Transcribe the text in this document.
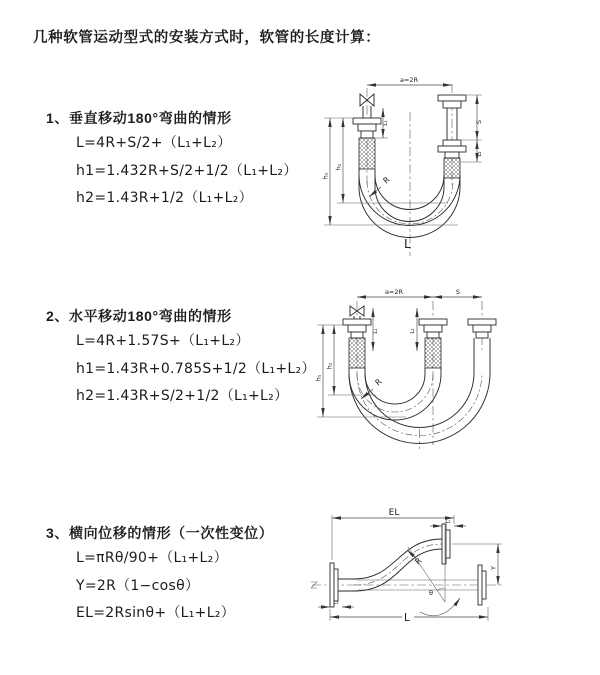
几种软管运动型式的安装方式时，软管的长度计算：
1、垂直移动180°弯曲的情形
L=4R+S/2+（L₁+L₂）
h1=1.432R+S/2+1/2（L₁+L₂）
h2=1.43R+1/2（L₁+L₂）
2、水平移动180°弯曲的情形
L=4R+1.57S+（L₁+L₂）
h1=1.43R+0.785S+1/2（L₁+L₂）
h2=1.43R+S/2+1/2（L₁+L₂）
3、横向位移的情形（一次性变位）
L=πRθ/90+（L₁+L₂）
Y=2R（1−cosθ）
EL=2Rsinθ+（L₁+L₂）
a=2R
h₁
h₂
L₁	S
L₂
R
L
a=2R	S
h₁
h₂
L₁	L₂
R
EL
L₂
Y
θ
R
L
L₁
